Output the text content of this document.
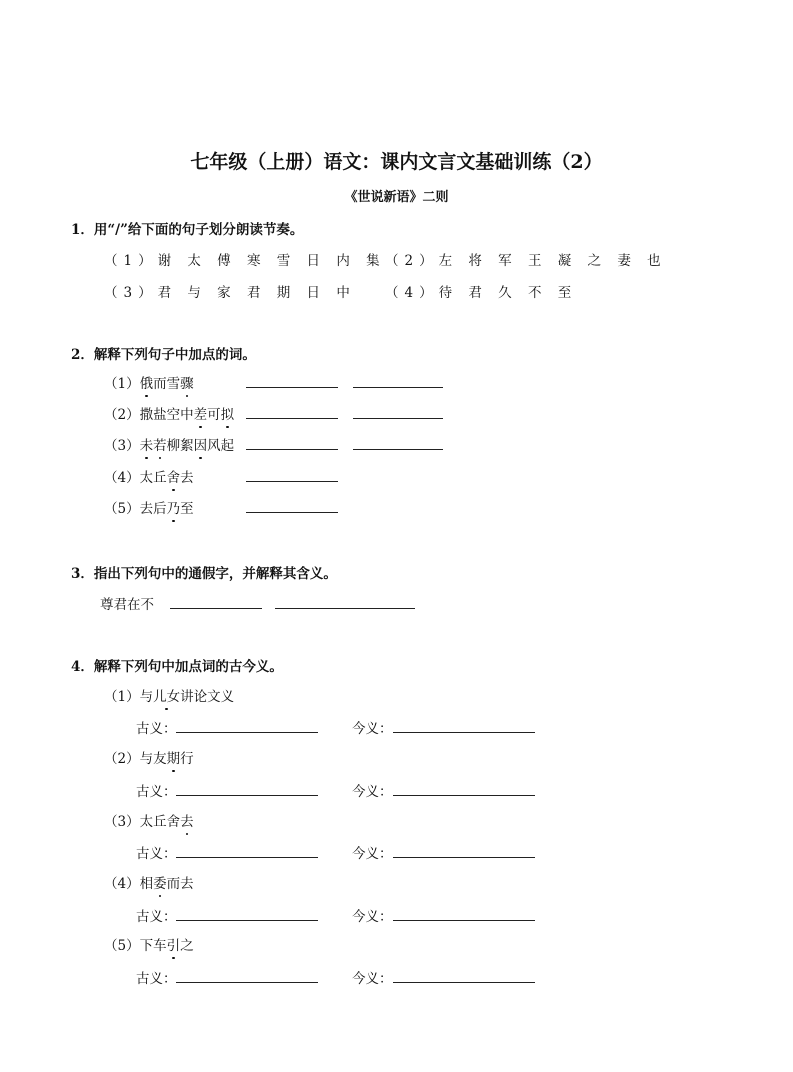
七年级（上册）语文：课内文言文基础训练（2）
《世说新语》二则
1．用“/”给下面的句子划分朗读节奏。
（1）谢 太 傅 寒 雪 日 内 集 （2）左 将 军 王 凝 之 妻 也
（3）君 与 家 君 期 日 中 （4）待 君 久 不 至
2．解释下列句子中加点的词。
（1）俄而雪骤
（2）撒盐空中差可拟
（3）未若柳絮因风起
（4）太丘舍去
（5）去后乃至
3．指出下列句中的通假字，并解释其含义。
尊君在不
4．解释下列句中加点词的古今义。
（1）与儿女讲论文义
古义：	今义：
（2）与友期行
古义：	今义：
（3）太丘舍去
古义：	今义：
（4）相委而去
古义：	今义：
（5）下车引之
古义：	今义：
